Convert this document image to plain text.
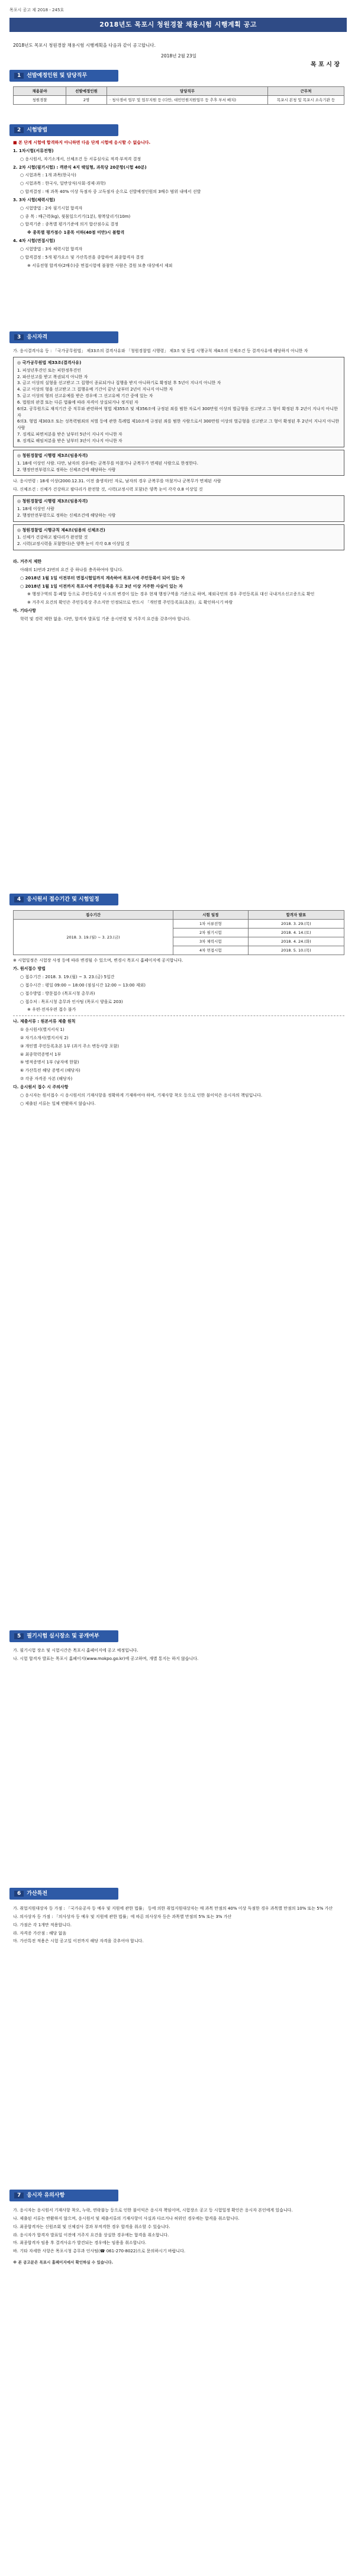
목포시 공고 제 2018 - 245호
2018년도 목포시 청원경찰 채용시험 시행계획 공고
2018년도 목포시 청원경찰 채용시험 시행계획을 다음과 같이 공고합니다.
2018년 2월 23일
목 포 시 장
1 선발예정인원 및 담당직무
채용분야	선발예정인원	담당직무	근무처
청원경찰	2명	· 청사경비 업무 및 업무지원 등 (다만, 대민민원지원업무 등 추후 부서 배치)	목포시 본청 및 목포시 소속기관 등
2 시험방법

■ 본 단계 시험에 합격하지 아니하면 다음 단계 시험에 응시할 수 없습니다.

1. 1차시험(서류전형)

○ 응시원서, 자기소개서, 신체조건 등 서류심사로 적격·부적격 결정

2. 2차 시험(필기시험) : 객관식 4지 택일형, 과목당 20문항(시험 40분)

○ 시험과목 : 1개 과목(한국사)

○ 시험과목 : 한국사, 일반상식(사회·경제·과학)

○ 합격결정 : 매 과목 40% 이상 득점자 중 고득점자 순으로 선발예정인원의 3배수 범위 내에서 선발

3. 3차 시험(체력시험)

○ 시험방법 : 2차 필기시험 합격자

○ 종 목 : 배근력(kg), 윗몸일으키기(1분), 왕복달리기(10m)

○ 합격기준 : 종목별 평가기준에 의거 합산점수로 결정

※ 종목별 평가점수 1종목 이하(40점 미만)시 불합격

4. 4차 시험(면접시험)

○ 시험방법 : 3차 체력시험 합격자

○ 합격결정 : 5개 평가요소 및 가산특전을 종합하여 최종합격자 결정

※ 서류전형 합격자(2배수)중 면접시험에 불참한 사람은 결원 보충 대상에서 제외

3 응시자격

가. 응시결격사유 등 : 「국가공무원법」 제33조의 결격사유와 「청원경찰법 시행령」 제3조 및 동법 시행규칙 제4조의 신체조건 등 결격사유에 해당하지 아니한 자

◎ 국가공무원법 제33조(결격사유)
1. 피성년후견인 또는 피한정후견인
2. 파산선고를 받고 복권되지 아니한 자
3. 금고 이상의 실형을 선고받고 그 집행이 종료되거나 집행을 받지 아니하기로 확정된 후 5년이 지나지 아니한 자
4. 금고 이상의 형을 선고받고 그 집행유예 기간이 끝난 날부터 2년이 지나지 아니한 자
5. 금고 이상의 형의 선고유예를 받은 경우에 그 선고유예 기간 중에 있는 자
6. 법원의 판결 또는 다른 법률에 따라 자격이 상실되거나 정지된 자
6의2. 공무원으로 재직기간 중 직무와 관련하여 형법 제355조 및 제356조에 규정된 죄를 범한 자로서 300만원 이상의 벌금형을 선고받고 그 형이 확정된 후 2년이 지나지 아니한 자
6의3. 형법 제303조 또는 성폭력범죄의 처벌 등에 관한 특례법 제10조에 규정된 죄를 범한 사람으로서 300만원 이상의 벌금형을 선고받고 그 형이 확정된 후 2년이 지나지 아니한 사람
7. 징계로 파면처분을 받은 날부터 5년이 지나지 아니한 자
8. 징계로 해임처분을 받은 날부터 3년이 지나지 아니한 자
◎ 청원경찰법 시행령 제3조(임용자격)
1. 18세 이상인 사람. 다만, 남자의 경우에는 군복무를 마쳤거나 군복무가 면제된 사람으로 한정한다.
2. 행정안전부령으로 정하는 신체조건에 해당하는 사람

나. 응시연령 : 18세 이상(2000.12.31. 이전 출생자)인 자로, 남자의 경우 군복무를 마쳤거나 군복무가 면제된 사람

다. 신체조건 : 신체가 건강하고 팔다리가 완전할 것, 시력(교정시력 포함)은 양쪽 눈이 각각 0.8 이상일 것

◎ 청원경찰법 시행령 제3조(임용자격)
1. 18세 이상인 사람
2. 행정안전부령으로 정하는 신체조건에 해당하는 사람
◎ 청원경찰법 시행규칙 제4조(임용의 신체조건)
1. 신체가 건강하고 팔다리가 완전할 것
2. 시력(교정시력을 포함한다)은 양쪽 눈이 각각 0.8 이상일 것

라. 거주지 제한

아래의 1)번과 2)번의 요건 중 하나를 충족하여야 합니다.

○ 2018년 1월 1일 이전부터 면접시험일까지 계속하여 목포시에 주민등록이 되어 있는 자

○ 2018년 1월 1일 이전까지 목포시에 주민등록을 두고 3년 이상 거주한 사실이 있는 자

※ 행정구역의 통·폐합 등으로 주민등록상 시·도의 변경이 있는 경우 현재 행정구역을 기준으로 하며, 재외국민의 경우 주민등록표 대신 국내거소신고증으로 확인

※ 거주지 요건의 확인은 주민등록상 주소지만 인정되므로 반드시 「개인별 주민등록표(초본)」로 확인하시기 바람

마. 기타사항

학력 및 경력 제한 없음. 다만, 합격자 발표일 기준 응시연령 및 거주지 요건을 갖추어야 합니다.

4 응시원서 접수기간 및 시험일정
접수기간	시험 일정	합격자 발표
2018. 3. 19.(월) ~ 3. 23.(금)	1차 서류전형	2018. 3. 29.(목)
	2차 필기시험	2018. 4. 14.(토)
	3차 체력시험	2018. 4. 24.(화)
	4차 면접시험	2018. 5. 10.(목)

※ 시험일정은 시험장 사정 등에 따라 변경될 수 있으며, 변경시 목포시 홈페이지에 공지합니다.

가. 원서접수 방법

○ 접수기간 : 2018. 3. 19.(월) ~ 3. 23.(금) 5일간

○ 접수시간 : 평일 09:00 ~ 18:00 (점심시간 12:00 ~ 13:00 제외)

○ 접수방법 : 방문접수 (목포시청 총무과)

○ 접수처 : 목포시청 총무과 인사팀 (목포시 양을로 203)

※ 우편·전자우편 접수 불가

나. 제출서류 : 원본서류 제출 원칙

① 응시원서(별지서식 1)

② 자기소개서(별지서식 2)

③ 개인별 주민등록초본 1부 (과거 주소 변동사항 포함)

④ 최종학력증명서 1부

⑤ 병적증명서 1부 (남자에 한함)

⑥ 가산특전 해당 증명서 (해당자)

⑦ 각종 자격증 사본 (해당자)

다. 응시원서 접수 시 주의사항

○ 응시자는 원서접수 시 응시원서의 기재사항을 정확하게 기재하여야 하며, 기재사항 착오 등으로 인한 불이익은 응시자의 책임입니다.

○ 제출된 서류는 일체 반환하지 않습니다.

5 필기시험 실시장소 및 공개여부

가. 필기시험 장소 및 시험시간은 목포시 홈페이지에 공고 예정입니다.

나. 시험 합격자 발표는 목포시 홈페이지(www.mokpo.go.kr)에 공고하며, 개별 통지는 하지 않습니다.

6 가산특전

가. 취업지원대상자 등 가점 : 「국가유공자 등 예우 및 지원에 관한 법률」 등에 의한 취업지원대상자는 매 과목 만점의 40% 이상 득점한 경우 과목별 만점의 10% 또는 5% 가산

나. 의사상자 등 가점 : 「의사상자 등 예우 및 지원에 관한 법률」에 따른 의사상자 등은 과목별 만점의 5% 또는 3% 가산

다. 가점은 각 1개만 적용합니다.

라. 자격증 가산점 : 해당 없음

마. 가산특전 적용은 시험 공고일 이전까지 해당 자격을 갖추어야 합니다.

7 응시자 유의사항

가. 응시자는 응시원서 기재사항 착오, 누락, 연락불능 등으로 인한 불이익은 응시자 책임이며, 시험장소 공고 등 시험일정 확인은 응시자 본인에게 있습니다.

나. 제출된 서류는 반환하지 않으며, 응시원서 및 제출서류의 기재사항이 사실과 다르거나 허위인 경우에는 합격을 취소합니다.

다. 최종합격자는 신원조회 및 신체검사 결과 부적격한 경우 합격을 취소할 수 있습니다.

라. 응시자가 합격자 발표일 이전에 거주지 요건을 상실한 경우에는 합격을 취소합니다.

마. 최종합격자 임용 후 결격사유가 발견되는 경우에는 임용을 취소합니다.

바. 기타 자세한 사항은 목포시청 총무과 인사팀(☎ 061-270-8022)으로 문의하시기 바랍니다.

※ 본 공고문은 목포시 홈페이지에서 확인하실 수 있습니다.
